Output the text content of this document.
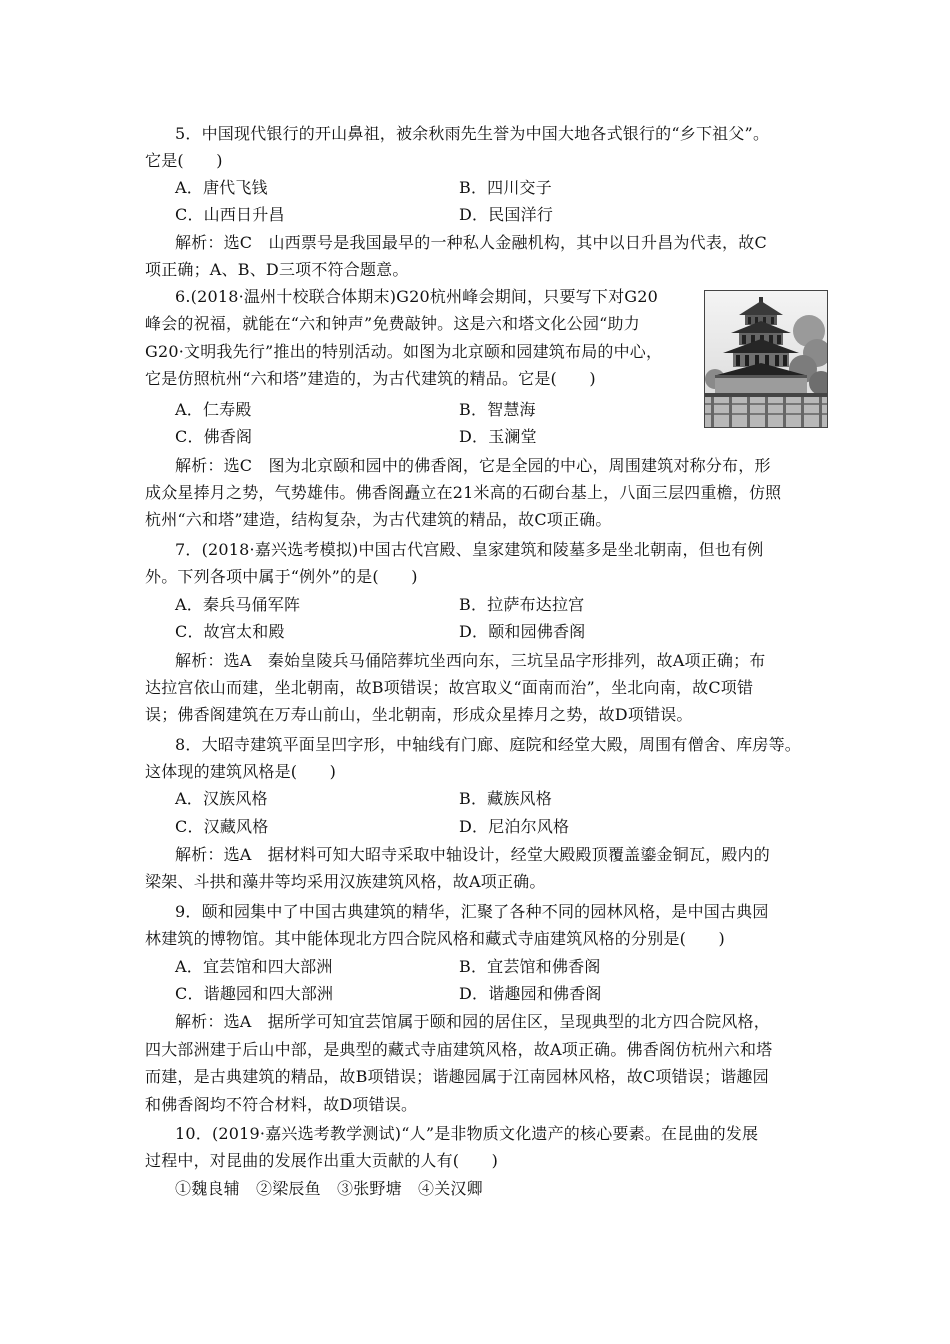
5．中国现代银行的开山鼻祖，被余秋雨先生誉为中国大地各式银行的“乡下祖父”。
它是(　　)
A．唐代飞钱	B．四川交子
C．山西日升昌	D．民国洋行
解析：选C　山西票号是我国最早的一种私人金融机构，其中以日升昌为代表，故C
项正确；A、B、D三项不符合题意。
6.(2018·温州十校联合体期末)G20杭州峰会期间，只要写下对G20
峰会的祝福，就能在“六和钟声”免费敲钟。这是六和塔文化公园“助力
G20·文明我先行”推出的特别活动。如图为北京颐和园建筑布局的中心，
它是仿照杭州“六和塔”建造的，为古代建筑的精品。它是(　　)
A．仁寿殿	B．智慧海
C．佛香阁	D．玉澜堂
解析：选C　图为北京颐和园中的佛香阁，它是全园的中心，周围建筑对称分布，形
成众星捧月之势，气势雄伟。佛香阁矗立在21米高的石砌台基上，八面三层四重檐，仿照
杭州“六和塔”建造，结构复杂，为古代建筑的精品，故C项正确。
7．(2018·嘉兴选考模拟)中国古代宫殿、皇家建筑和陵墓多是坐北朝南，但也有例
外。下列各项中属于“例外”的是(　　)
A．秦兵马俑军阵	B．拉萨布达拉宫
C．故宫太和殿	D．颐和园佛香阁
解析：选A　秦始皇陵兵马俑陪葬坑坐西向东，三坑呈品字形排列，故A项正确；布
达拉宫依山而建，坐北朝南，故B项错误；故宫取义“面南而治”，坐北向南，故C项错
误；佛香阁建筑在万寿山前山，坐北朝南，形成众星捧月之势，故D项错误。
8．大昭寺建筑平面呈凹字形，中轴线有门廊、庭院和经堂大殿，周围有僧舍、库房等。
这体现的建筑风格是(　　)
A．汉族风格	B．藏族风格
C．汉藏风格	D．尼泊尔风格
解析：选A　据材料可知大昭寺采取中轴设计，经堂大殿殿顶覆盖鎏金铜瓦，殿内的
梁架、斗拱和藻井等均采用汉族建筑风格，故A项正确。
9．颐和园集中了中国古典建筑的精华，汇聚了各种不同的园林风格，是中国古典园
林建筑的博物馆。其中能体现北方四合院风格和藏式寺庙建筑风格的分别是(　　)
A．宜芸馆和四大部洲	B．宜芸馆和佛香阁
C．谐趣园和四大部洲	D．谐趣园和佛香阁
解析：选A　据所学可知宜芸馆属于颐和园的居住区，呈现典型的北方四合院风格，
四大部洲建于后山中部，是典型的藏式寺庙建筑风格，故A项正确。佛香阁仿杭州六和塔
而建，是古典建筑的精品，故B项错误；谐趣园属于江南园林风格，故C项错误；谐趣园
和佛香阁均不符合材料，故D项错误。
10．(2019·嘉兴选考教学测试)“人”是非物质文化遗产的核心要素。在昆曲的发展
过程中，对昆曲的发展作出重大贡献的人有(　　)
①魏良辅　②梁辰鱼　③张野塘　④关汉卿
